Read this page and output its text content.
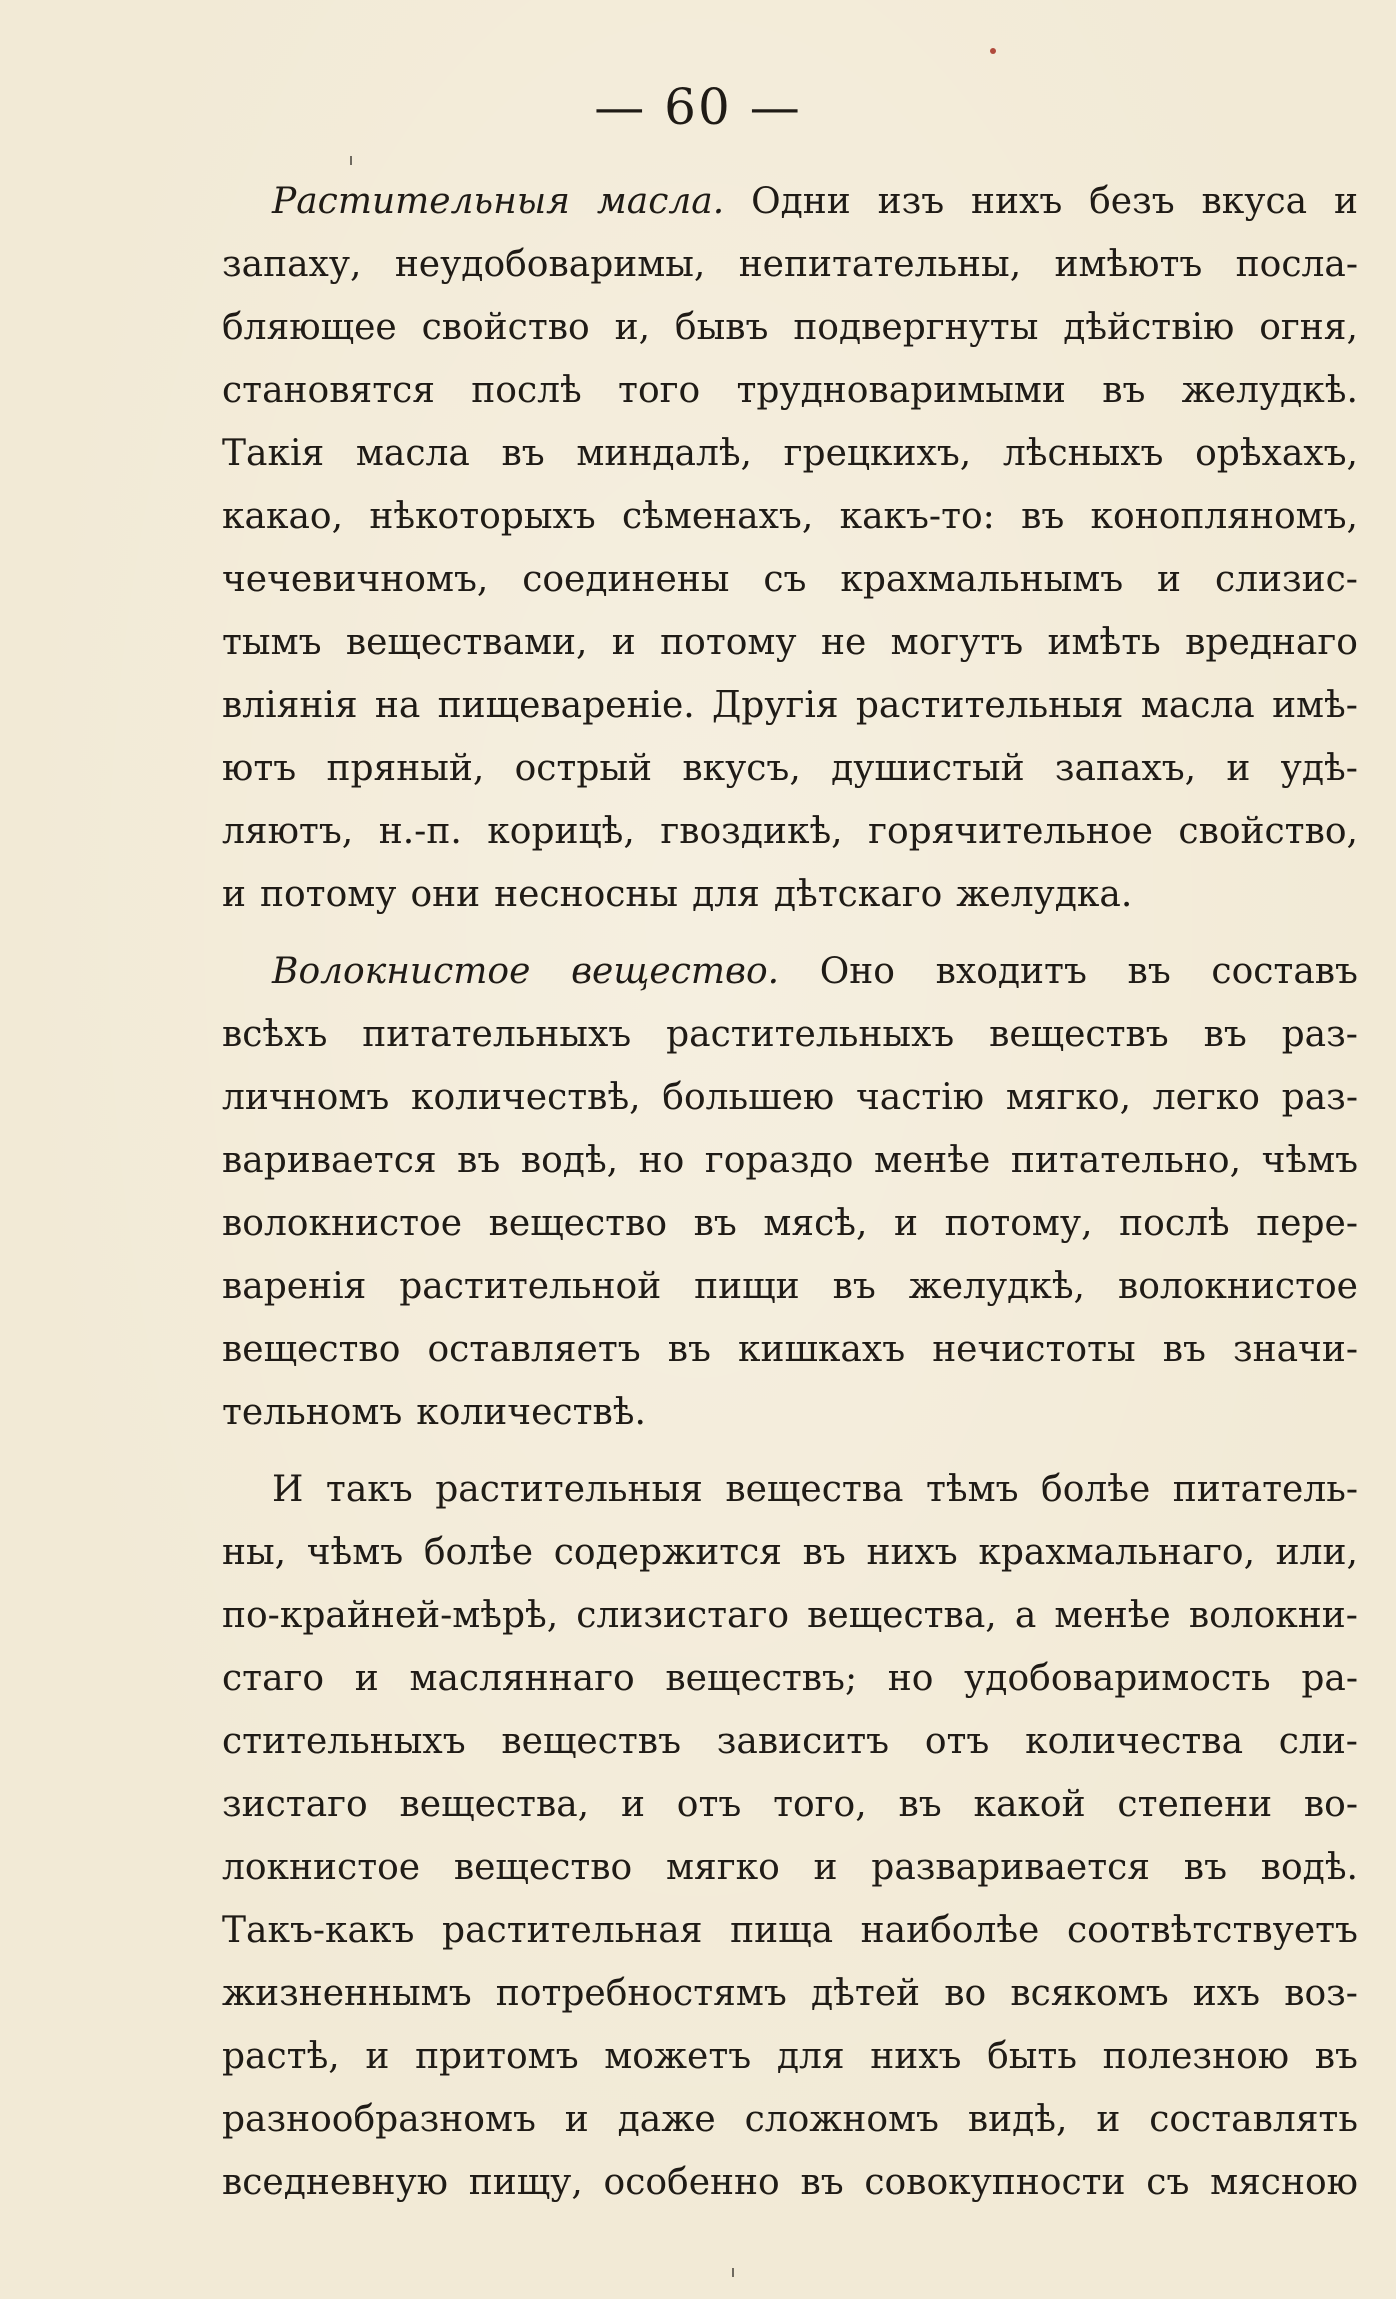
— 60 —
Растительныя масла. Одни изъ нихъ безъ вкуса и
запаху, неудобоваримы, непитательны, имѣютъ посла-
бляющее свойство и, бывъ подвергнуты дѣйствію огня,
становятся послѣ того трудноваримыми въ желудкѣ.
Такія масла въ миндалѣ, грецкихъ, лѣсныхъ орѣхахъ,
какао, нѣкоторыхъ сѣменахъ, какъ-то: въ конопляномъ,
чечевичномъ, соединены съ крахмальнымъ и слизис-
тымъ веществами, и потому не могутъ имѣть вреднаго
вліянія на пищевареніе. Другія растительныя масла имѣ-
ютъ пряный, острый вкусъ, душистый запахъ, и удѣ-
ляютъ, н.-п. корицѣ, гвоздикѣ, горячительное свойство,
и потому они несносны для дѣтскаго желудка.
Волокнистое вещество. Оно входитъ въ составъ
всѣхъ питательныхъ растительныхъ веществъ въ раз-
личномъ количествѣ, большею частію мягко, легко раз-
варивается въ водѣ, но гораздо менѣе питательно, чѣмъ
волокнистое вещество въ мясѣ, и потому, послѣ пере-
варенія растительной пищи въ желудкѣ, волокнистое
вещество оставляетъ въ кишкахъ нечистоты въ значи-
тельномъ количествѣ.
И такъ растительныя вещества тѣмъ болѣе питатель-
ны, чѣмъ болѣе содержится въ нихъ крахмальнаго, или,
по-крайней-мѣрѣ, слизистаго вещества, а менѣе волокни-
стаго и масляннаго веществъ; но удобоваримость ра-
стительныхъ веществъ зависитъ отъ количества сли-
зистаго вещества, и отъ того, въ какой степени во-
локнистое вещество мягко и разваривается въ водѣ.
Такъ-какъ растительная пища наиболѣе соотвѣтствуетъ
жизненнымъ потребностямъ дѣтей во всякомъ ихъ воз-
растѣ, и притомъ можетъ для нихъ быть полезною въ
разнообразномъ и даже сложномъ видѣ, и составлять
вседневную пищу, особенно въ совокупности съ мясною
